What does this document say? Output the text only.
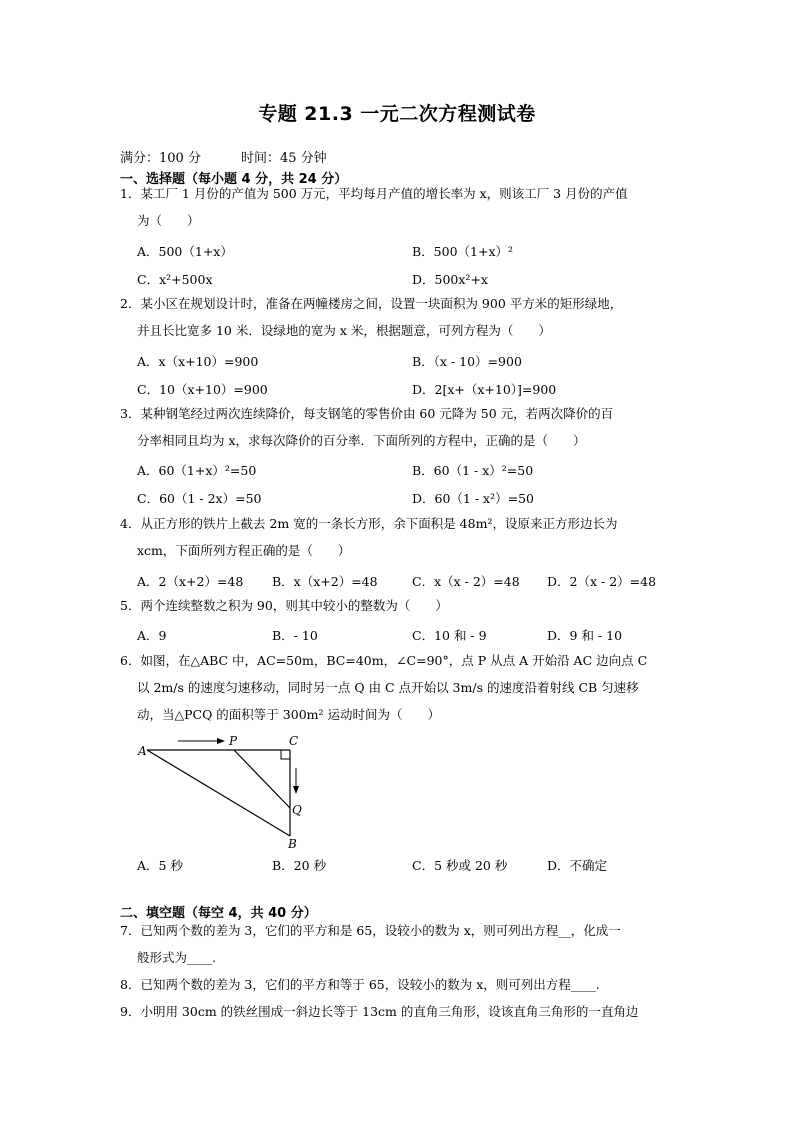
专题 21.3 一元二次方程测试卷
满分：100 分	时间：45 分钟
一、选择题（每小题 4 分，共 24 分）
1．某工厂 1 月份的产值为 500 万元，平均每月产值的增长率为 x，则该工厂 3 月份的产值
为（　　）
A．500（1+x）	B．500（1+x）²
C．x²+500x	D．500x²+x
2．某小区在规划设计时，准备在两幢楼房之间，设置一块面积为 900 平方米的矩形绿地，
并且长比宽多 10 米．设绿地的宽为 x 米，根据题意，可列方程为（　　）
A．x（x+10）=900	B．（x - 10）=900
C．10（x+10）=900	D．2[x+（x+10）]=900
3．某种钢笔经过两次连续降价，每支钢笔的零售价由 60 元降为 50 元，若两次降价的百
分率相同且均为 x，求每次降价的百分率．下面所列的方程中，正确的是（　　）
A．60（1+x）²=50	B．60（1 - x）²=50
C．60（1 - 2x）=50	D．60（1 - x²）=50
4．从正方形的铁片上截去 2m 宽的一条长方形，余下面积是 48m²，设原来正方形边长为
xcm，下面所列方程正确的是（　　）
A．2（x+2）=48 B．x（x+2）=48	C．x（x - 2）=48 D．2（x - 2）=48
5．两个连续整数之积为 90，则其中较小的整数为（　　）
A．9	B．- 10	C．10 和 - 9	D．9 和 - 10
6．如图，在△ABC 中，AC=50m，BC=40m，∠C=90°，点 P 从点 A 开始沿 AC 边向点 C
以 2m/s 的速度匀速移动，同时另一点 Q 由 C 点开始以 3m/s 的速度沿着射线 CB 匀速移
动，当△PCQ 的面积等于 300m² 运动时间为（　　）
A
P	C
Q
B
A．5 秒	B．20 秒	C．5 秒或 20 秒	D．不确定
二、填空题（每空 4，共 40 分）
7．已知两个数的差为 3，它们的平方和是 65，设较小的数为 x，则可列出方程__，化成一
般形式为____.
8．已知两个数的差为 3，它们的平方和等于 65，设较小的数为 x，则可列出方程____.
9．小明用 30cm 的铁丝围成一斜边长等于 13cm 的直角三角形，设该直角三角形的一直角边
